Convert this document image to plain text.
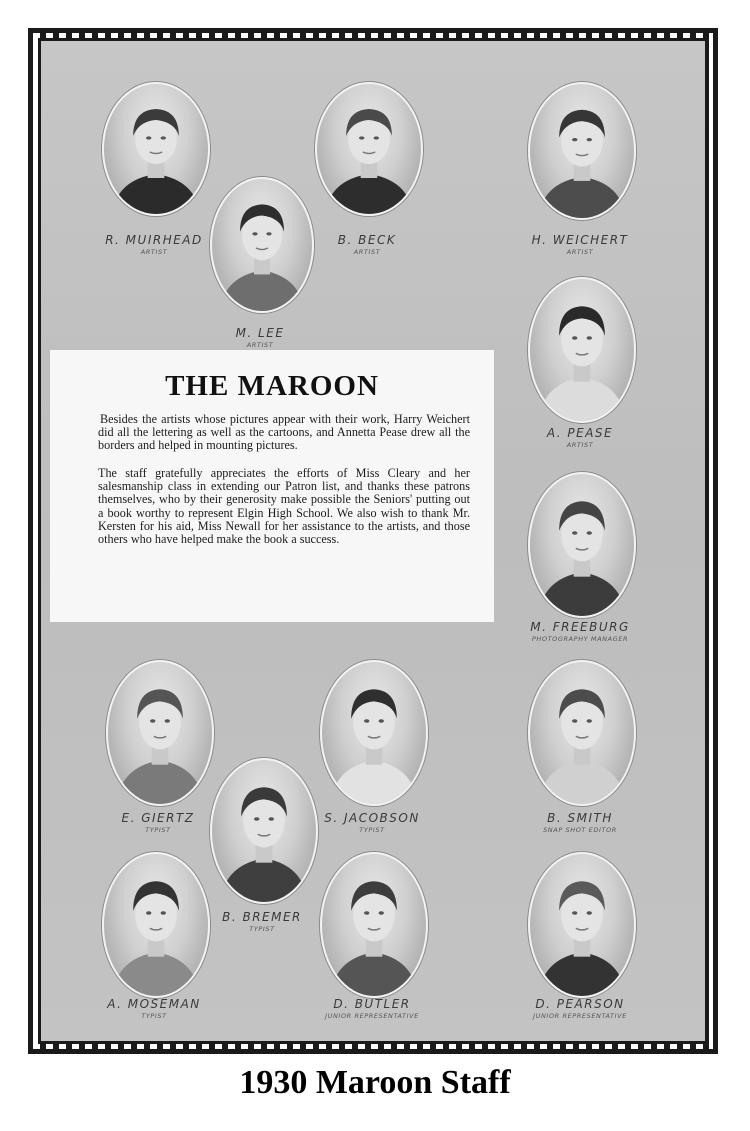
R. MUIRHEAD
ARTIST
M. LEE
ARTIST
B. BECK
ARTIST
H. WEICHERT
ARTIST
A. PEASE
ARTIST
M. FREEBURG
PHOTOGRAPHY MANAGER
E. GIERTZ
TYPIST
B. BREMER
TYPIST
S. JACOBSON
TYPIST
B. SMITH
SNAP SHOT EDITOR
A. MOSEMAN
TYPIST
D. BUTLER
JUNIOR REPRESENTATIVE
D. PEARSON
JUNIOR REPRESENTATIVE
THE MAROON

Besides the artists whose pictures appear with their work, Harry Weichert did all the lettering as well as the cartoons, and Annetta Pease drew all the borders and helped in mounting pictures.

The staff gratefully appreciates the efforts of Miss Cleary and her salesmanship class in extending our Patron list, and thanks these patrons themselves, who by their generosity make possible the Seniors' putting out a book worthy to represent Elgin High School. We also wish to thank Mr. Kersten for his aid, Miss Newall for her assistance to the artists, and those others who have helped make the book a success.

1930 Maroon Staff
